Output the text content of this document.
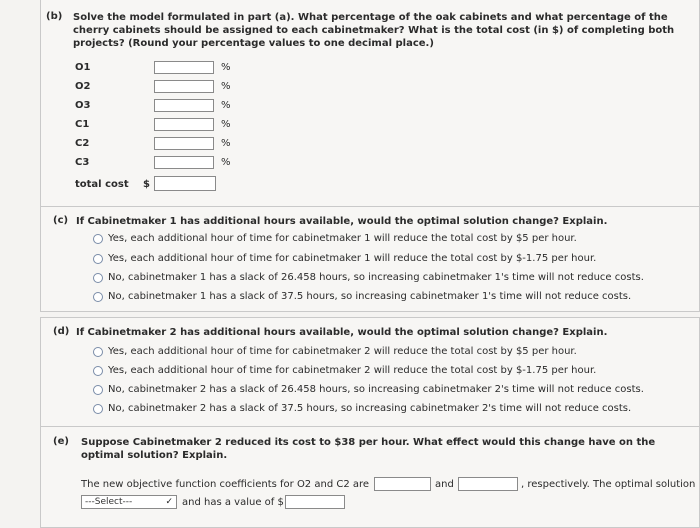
(b) Solve the model formulated in part (a). What percentage of the oak cabinets and what percentage of the cherry cabinets should be assigned to each cabinetmaker? What is the total cost (in $) of completing both projects? (Round your percentage values to one decimal place.)
O1	%
O2	%
O3	%
C1	%
C2	%
C3	%
total cost $
(c) If Cabinetmaker 1 has additional hours available, would the optimal solution change? Explain.
Yes, each additional hour of time for cabinetmaker 1 will reduce the total cost by $5 per hour.
Yes, each additional hour of time for cabinetmaker 1 will reduce the total cost by $-1.75 per hour.
No, cabinetmaker 1 has a slack of 26.458 hours, so increasing cabinetmaker 1's time will not reduce costs.
No, cabinetmaker 1 has a slack of 37.5 hours, so increasing cabinetmaker 1's time will not reduce costs.
(d) If Cabinetmaker 2 has additional hours available, would the optimal solution change? Explain.
Yes, each additional hour of time for cabinetmaker 2 will reduce the total cost by $5 per hour.
Yes, each additional hour of time for cabinetmaker 2 will reduce the total cost by $-1.75 per hour.
No, cabinetmaker 2 has a slack of 26.458 hours, so increasing cabinetmaker 2's time will not reduce costs.
No, cabinetmaker 2 has a slack of 37.5 hours, so increasing cabinetmaker 2's time will not reduce costs.
(e) Suppose Cabinetmaker 2 reduced its cost to $38 per hour. What effect would this change have on the optimal solution? Explain.
The new objective function coefficients for O2 and C2 are	and	, respectively. The optimal solution
---Select---	✓ and has a value of $
